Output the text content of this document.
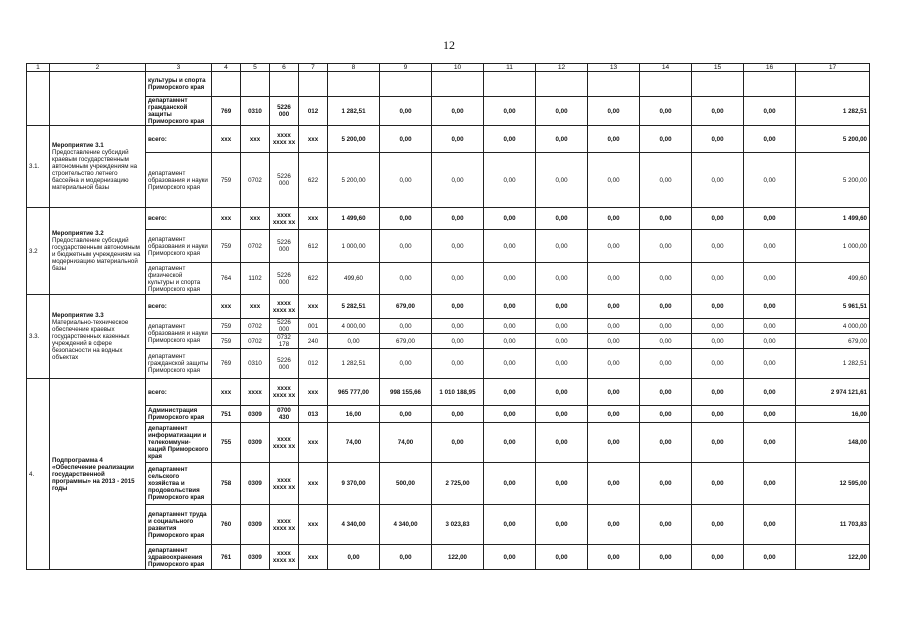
12
1	2	3	4	5	6	7	8	9	10	11	12	13	14	15	16	17	
		культуры и спорта Приморского края																
		департамент гражданской защиты Приморского края	769	0310	5226 000	012	1 282,51	0,00	0,00	0,00	0,00	0,00	0,00	0,00	0,00	1 282,51	
3.1.	Мероприятие 3.1 Предоставление субсидий краевым государственным автономным учреждениям на строительство летнего бассейна и модернизацию материальной базы	всего:	ххх	ххх	хххх хххх хх	ххх	5 200,00	0,00	0,00	0,00	0,00	0,00	0,00	0,00	0,00	5 200,00	
		департамент образования и науки Приморского края	759	0702	5226 000	622	5 200,00	0,00	0,00	0,00	0,00	0,00	0,00	0,00	0,00	5 200,00	
3.2	Мероприятие 3.2 Предоставление субсидий государственным автономным и бюджетным учреждениям на модернизацию материальной базы	всего:	ххх	ххх	хххх хххх хх	ххх	1 499,60	0,00	0,00	0,00	0,00	0,00	0,00	0,00	0,00	1 499,60	
		департамент образования и науки Приморского края	759	0702	5226 000	612	1 000,00	0,00	0,00	0,00	0,00	0,00	0,00	0,00	0,00	1 000,00	
		департамент физической культуры и спорта Приморского края	764	1102	5226 000	622	499,60	0,00	0,00	0,00	0,00	0,00	0,00	0,00	0,00	499,60	
3.3.	Мероприятие 3.3 Материально-техническое обеспечение краевых государственных казенных учреждений в сфере безопасности на водных объектах	всего:	ххх	ххх	хххх хххх хх	ххх	5 282,51	679,00	0,00	0,00	0,00	0,00	0,00	0,00	0,00	5 961,51	
		департамент образования и науки Приморского края	759	0702	5226 000	001	4 000,00	0,00	0,00	0,00	0,00	0,00	0,00	0,00	0,00	4 000,00	
			759	0702	0732 178	240	0,00	679,00	0,00	0,00	0,00	0,00	0,00	0,00	0,00	679,00	
		департамент гражданской защиты Приморского края	769	0310	5226 000	012	1 282,51	0,00	0,00	0,00	0,00	0,00	0,00	0,00	0,00	1 282,51	
4.	Подпрограмма 4 «Обеспечение реализации государственной программы» на 2013 - 2015 годы	всего:	ххх	хххх	хххх хххх хх	ххх	965 777,00	998 155,66	1 010 188,95	0,00	0,00	0,00	0,00	0,00	0,00	2 974 121,61	
		Администрация Приморского края	751	0309	0700 430	013	16,00	0,00	0,00	0,00	0,00	0,00	0,00	0,00	0,00	16,00	
		департамент информатизации и телекоммуни- каций Приморского края	755	0309	хххх хххх хх	ххх	74,00	74,00	0,00	0,00	0,00	0,00	0,00	0,00	0,00	148,00	
		департамент сельского хозяйства и продовольствия Приморского края	758	0309	хххх хххх хх	ххх	9 370,00	500,00	2 725,00	0,00	0,00	0,00	0,00	0,00	0,00	12 595,00	
		департамент труда и социального развития Приморского края	760	0309	хххх хххх хх	ххх	4 340,00	4 340,00	3 023,83	0,00	0,00	0,00	0,00	0,00	0,00	11 703,83	
		департамент здравоохранения Приморского края	761	0309	хххх хххх хх	ххх	0,00	0,00	122,00	0,00	0,00	0,00	0,00	0,00	0,00	122,00	
